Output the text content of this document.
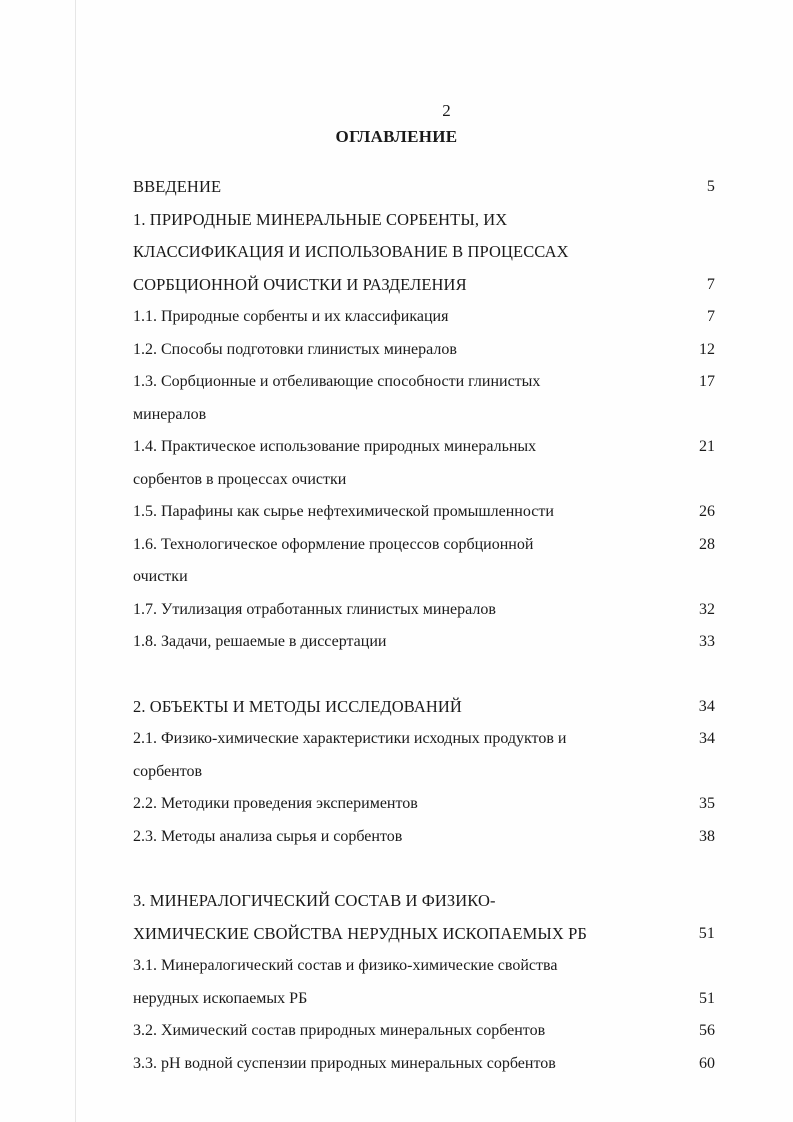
2
ОГЛАВЛЕНИЕ
ВВЕДЕНИЕ	5
1. ПРИРОДНЫЕ МИНЕРАЛЬНЫЕ СОРБЕНТЫ, ИХ
КЛАССИФИКАЦИЯ И ИСПОЛЬЗОВАНИЕ В ПРОЦЕССАХ
СОРБЦИОННОЙ ОЧИСТКИ И РАЗДЕЛЕНИЯ	7
1.1. Природные сорбенты и их классификация	7
1.2. Способы подготовки глинистых минералов	12
1.3. Сорбционные и отбеливающие способности глинистых	17
минералов
1.4. Практическое использование природных минеральных	21
сорбентов в процессах очистки
1.5. Парафины как сырье нефтехимической промышленности	26
1.6. Технологическое оформление процессов сорбционной	28
очистки
1.7. Утилизация отработанных глинистых минералов	32
1.8. Задачи, решаемые в диссертации	33
2. ОБЪЕКТЫ И МЕТОДЫ ИССЛЕДОВАНИЙ	34
2.1. Физико-химические характеристики исходных продуктов и	34
сорбентов
2.2. Методики проведения экспериментов	35
2.3. Методы анализа сырья и сорбентов	38
3. МИНЕРАЛОГИЧЕСКИЙ СОСТАВ И ФИЗИКО-
ХИМИЧЕСКИЕ СВОЙСТВА НЕРУДНЫХ ИСКОПАЕМЫХ РБ	51
3.1. Минералогический состав и физико-химические свойства
нерудных ископаемых РБ	51
3.2. Химический состав природных минеральных сорбентов	56
3.3. рН водной суспензии природных минеральных сорбентов	60
